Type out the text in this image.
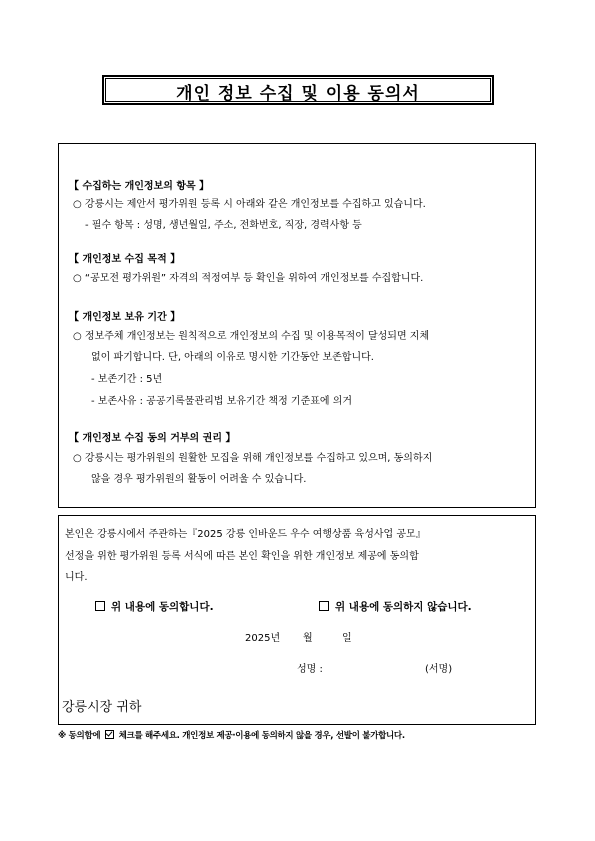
개인 정보 수집 및 이용 동의서
【 수집하는 개인정보의 항목 】
○ 강릉시는 제안서 평가위원 등록 시 아래와 같은 개인정보를 수집하고 있습니다.
- 필수 항목 : 성명, 생년월일, 주소, 전화번호, 직장, 경력사항 등
【 개인정보 수집 목적 】
○ “공모전 평가위원” 자격의 적정여부 등 확인을 위하여 개인정보를 수집합니다.
【 개인정보 보유 기간 】
○ 정보주체 개인정보는 원칙적으로 개인정보의 수집 및 이용목적이 달성되면 지체
없이 파기합니다. 단, 아래의 이유로 명시한 기간동안 보존합니다.
- 보존기간 : 5년
- 보존사유 : 공공기록물관리법 보유기간 책정 기준표에 의거
【 개인정보 수집 동의 거부의 권리 】
○ 강릉시는 평가위원의 원활한 모집을 위해 개인정보를 수집하고 있으며, 동의하지
않을 경우 평가위원의 활동이 어려울 수 있습니다.
본인은 강릉시에서 주관하는『2025 강릉 인바운드 우수 여행상품 육성사업 공모』
선정을 위한 평가위원 등록 서식에 따른 본인 확인을 위한 개인정보 제공에 동의합
니다.
위 내용에 동의합니다.	위 내용에 동의하지 않습니다.
2025년 월	일
성명 :	(서명)
강릉시장 귀하
※ 동의함에 체크를 해주세요. 개인정보 제공·이용에 동의하지 않을 경우, 선발이 불가합니다.
